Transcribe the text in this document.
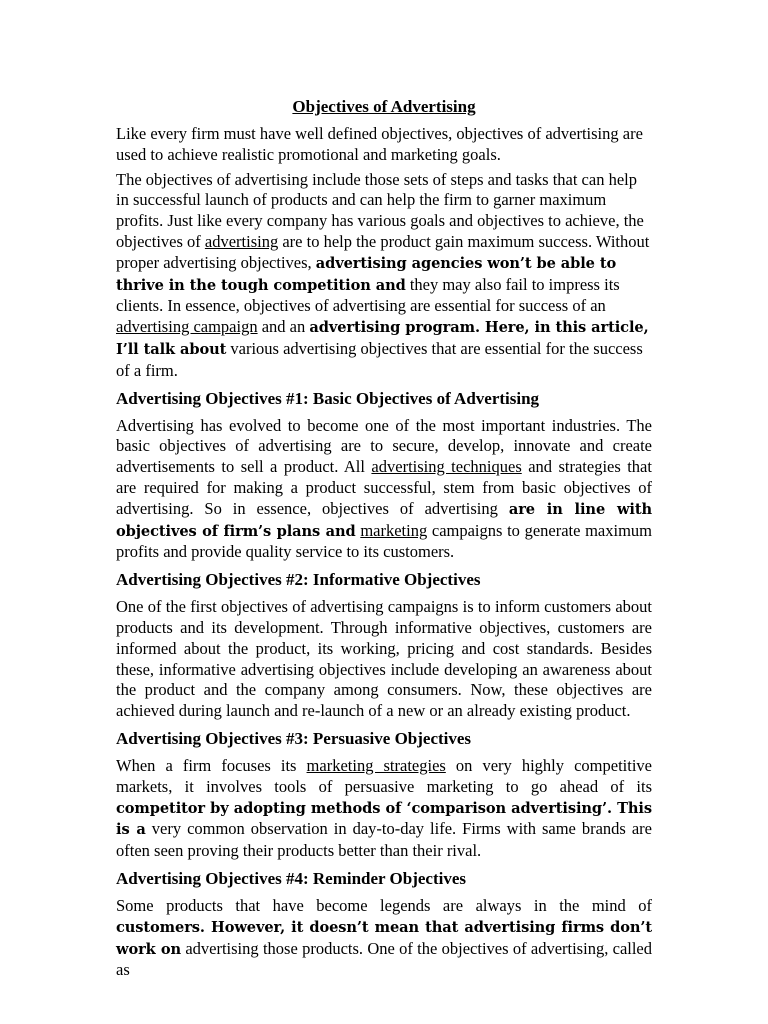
Objectives of Advertising

Like every firm must have well defined objectives, objectives of advertising are used to achieve realistic promotional and marketing goals.

The objectives of advertising include those sets of steps and tasks that can help in successful launch of products and can help the firm to garner maximum profits. Just like every company has various goals and objectives to achieve, the objectives of advertising are to help the product gain maximum success. Without proper advertising objectives, advertising agencies won’t be able to thrive in the tough competition and they may also fail to impress its clients. In essence, objectives of advertising are essential for success of an advertising campaign and an advertising program. Here, in this article, I’ll talk about various advertising objectives that are essential for the success of a firm.

Advertising Objectives #1: Basic Objectives of Advertising

Advertising has evolved to become one of the most important industries. The basic objectives of advertising are to secure, develop, innovate and create advertisements to sell a product. All advertising techniques and strategies that are required for making a product successful, stem from basic objectives of advertising. So in essence, objectives of advertising are in line with objectives of firm’s plans and marketing campaigns to generate maximum profits and provide quality service to its customers.

Advertising Objectives #2: Informative Objectives

One of the first objectives of advertising campaigns is to inform customers about products and its development. Through informative objectives, customers are informed about the product, its working, pricing and cost standards. Besides these, informative advertising objectives include developing an awareness about the product and the company among consumers. Now, these objectives are achieved during launch and re-launch of a new or an already existing product.

Advertising Objectives #3: Persuasive Objectives

When a firm focuses its marketing strategies on very highly competitive markets, it involves tools of persuasive marketing to go ahead of its competitor by adopting methods of ‘comparison advertising’. This is a very common observation in day-to-day life. Firms with same brands are often seen proving their products better than their rival.

Advertising Objectives #4: Reminder Objectives

Some products that have become legends are always in the mind of customers. However, it doesn’t mean that advertising firms don’t work on advertising those products. One of the objectives of advertising, called as
